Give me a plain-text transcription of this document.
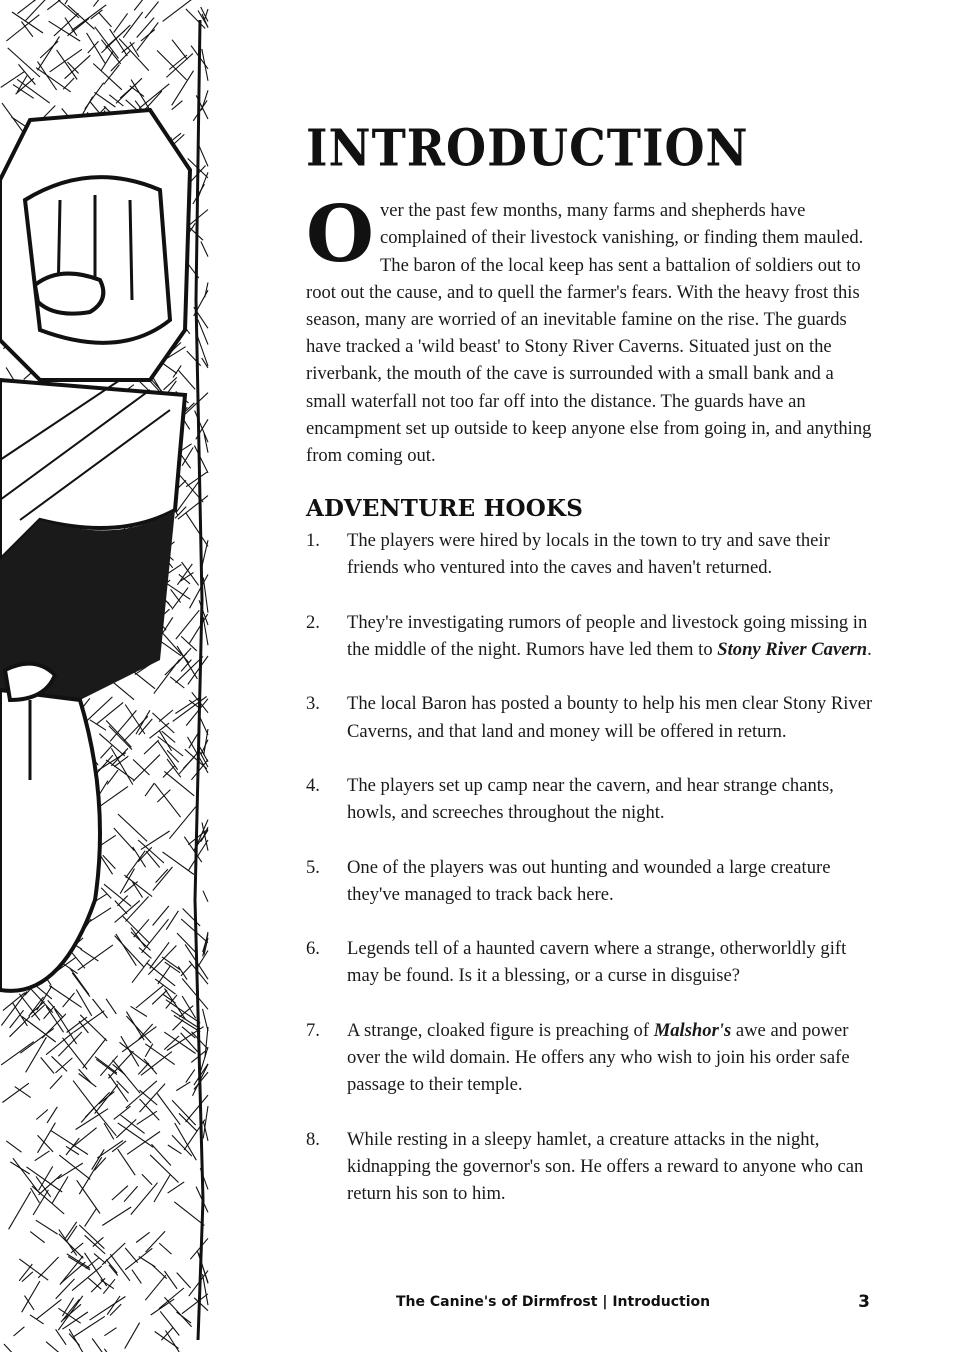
INTRODUCTION

Over the past few months, many farms and shepherds have complained of their livestock vanishing, or finding them mauled. The baron of the local keep has sent a battalion of soldiers out to root out the cause, and to quell the farmer's fears. With the heavy frost this season, many are worried of an inevitable famine on the rise. The guards have tracked a 'wild beast' to Stony River Caverns. Situated just on the riverbank, the mouth of the cave is surrounded with a small bank and a small waterfall not too far off into the distance. The guards have an encampment set up outside to keep anyone else from going in, and anything from coming out.

ADVENTURE HOOKS
1.	The players were hired by locals in the town to try and save their friends who ventured into the caves and haven't returned.
2.	They're investigating rumors of people and livestock going missing in the middle of the night. Rumors have led them to Stony River Cavern.
3.	The local Baron has posted a bounty to help his men clear Stony River Caverns, and that land and money will be offered in return.
4.	The players set up camp near the cavern, and hear strange chants, howls, and screeches throughout the night.
5.	One of the players was out hunting and wounded a large creature they've managed to track back here.
6.	Legends tell of a haunted cavern where a strange, otherworldly gift may be found. Is it a blessing, or a curse in disguise?
7.	A strange, cloaked figure is preaching of Malshor's awe and power over the wild domain. He offers any who wish to join his order safe passage to their temple.
8.	While resting in a sleepy hamlet, a creature attacks in the night, kidnapping the governor's son. He offers a reward to anyone who can return his son to him.
The Canine's of Dirmfrost | Introduction	3
